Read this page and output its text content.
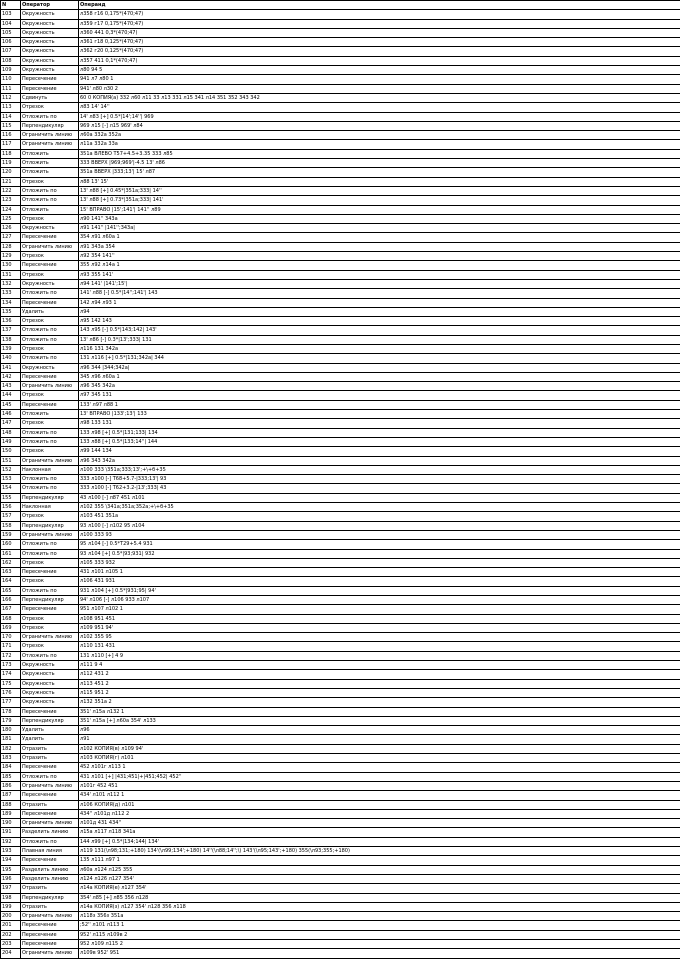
N	Оператор	Операнд
103	Окружность	л358 г16 0,175*(470;47)
104	Окружность	л359 г17 0,175*(470;47)
105	Окружность	л360 441 0,3*(470;47)
106	Окружность	л361 г18 0,125*(470;47)
107	Окружность	л362 г20 0,125*(470;47)
108	Окружность	л357 411 0,1*(470;47)
109	Окружность	л80 94 5
110	Пересечение	941 л7 л80 1
111	Пересечение	941' л80 л30 2
112	Сдвинуть	60 0 КОПИЯ(а) 332 л60 л11 33 л13 331 л15 341 л14 351 352 343 342
113	Отрезок	л83 14' 14''
114	Отложить по	14' л83 [+] 0.5*|14';14''| 969
115	Перпендикуляр	969 л15 [-] л15 969' л84
116	Ограничить линию	л60а 332а 352а
117	Ограничить линию	л11а 332а 33а
118	Отложить	351а ВЛЕВО T57+4.5+3.35 333 л85
119	Отложить	333 ВВЕРХ |969;969'|-4.5 13' л86
120	Отложить	351а ВВЕРХ |333;13'| 15' л87
121	Отрезок	л88 13' 15'
122	Отложить по	13' л88 [+] 0.45*|351а;333| 14''
123	Отложить по	13' л88 [+] 0.73*|351а;333| 141'
124	Отложить	15' ВПРАВО |15';141'| 141'' л89
125	Отрезок	л90 141'' 343а
126	Окружность	л91 141'' |141'';343а|
127	Пересечение	354 л91 л60а 1
128	Ограничить линию	л91 343а 354
129	Отрезок	л92 354 141''
130	Пересечение	355 л92 л14а 1
131	Отрезок	л93 355 141'
132	Окружность	л94 141' |141';15'|
133	Отложить по	141' л88 [-] 0.5*|14'';141'| 143
134	Пересечение	142 л94 л93 1
135	Удалить	л94
136	Отрезок	л95 142 143
137	Отложить по	143 л95 [-] 0.5*|143;142| 143'
138	Отложить по	13' л86 [-] 0.3*|13';333| 131
139	Отрезок	л116 131 342а
140	Отложить по	131 л116 [+] 0.5*|131;342а| 344
141	Окружность	л96 344 |344;342а|
142	Пересечение	345 л96 л60а 1
143	Ограничить линию	л96 345 342а
144	Отрезок	л97 345 131
145	Пересечение	133' л97 л88 1
146	Отложить	13' ВПРАВО |133';13'| 133
147	Отрезок	л98 133 131
148	Отложить по	133 л98 [+] 0.5*|131;133| 134
149	Отложить по	133 л88 [+] 0.5*|133;14''| 144
150	Отрезок	л99 144 134
151	Ограничить линию	л96 343 342а
152	Наклонная	л100 333 \351а;333;13';+\+б+35
153	Отложить по	333 л100 [-] T68+5.7-|333;13'| 93
154	Отложить по	333 л100 [-] T62+3.2-|13';333| 43
155	Перпендикуляр	43 л100 [-] л87 451 л101
156	Наклонная	л102 355 \341а;351а;352а;+\+б+35
157	Отрезок	л103 451 351а
158	Перпендикуляр	93 л100 [-] л102 95 л104
159	Ограничить линию	л100 333 93
160	Отложить по	95 л104 [-] 0.5*T29+5.4 931
161	Отложить по	93 л104 [+] 0.5*|93;931| 932
162	Отрезок	л105 333 932
163	Пересечение	431 л101 л105 1
164	Отрезок	л106 431 931
165	Отложить по	931 л104 [+] 0.5*|931;95| 94'
166	Перпендикуляр	94' л106 [-] л106 933 л107
167	Пересечение	951 л107 л102 1
168	Отрезок	л108 951 451
169	Отрезок	л109 951 94'
170	Ограничить линию	л102 355 95
171	Отрезок	л110 131 431
172	Отложить по	131 л110 [+] 4 9
173	Окружность	л111 9 4
174	Окружность	л112 431 2
175	Окружность	л113 451 2
176	Окружность	л115 951 2
177	Окружность	л132 351а 2
178	Пересечение	351' л15а л132 1
179	Перпендикуляр	351' л15а [+] л60а 354' л133
180	Удалить	л96
181	Удалить	л91
182	Отразить	л102 КОПИЯ(в) л109 94'
183	Отразить	л103 КОПИЯ(г) л101
184	Пересечение	452 л101г л113 1
185	Отложить по	431 л101 [+] |431;451|+|451;452| 452''
186	Ограничить линию	л101г 452 451
187	Пересечение	434' л101 л112 1
188	Отразить	л106 КОПИЯ(д) л101
189	Пересечение	434'' л101д л112 2
190	Ограничить линию	л101д 431 434''
191	Разделить линию	л15а л117 л118 341а
192	Отложить по	144 л99 [+] 0.5*|134;144| 134'
193	Плавная линия	л119 131(\л98;131;+180) 134'(\л99;134';+180) 14''(\л88;14'';\) 143'(\л95;143';+180) 355(\л93;355;+180)
194	Пересечение	135 л111 л97 1
195	Разделить линию	л60а л124 л125 355
196	Разделить линию	л124 л126 л127 354'
197	Отразить	л14а КОПИЯ(е) л127 354'
198	Перпендикуляр	354' л85 [+] л85 356 л128
199	Отразить	л14а КОПИЯ(з) л127 354' л128 356 л118
200	Ограничить линию	л118з 356з 351а
201	Пересечение	;52'' л101 л113 1
202	Пересечение	952' л115 л109в 2
203	Пересечение	952 л109 л115 2
204	Ограничить линию	л109в 952' 951
